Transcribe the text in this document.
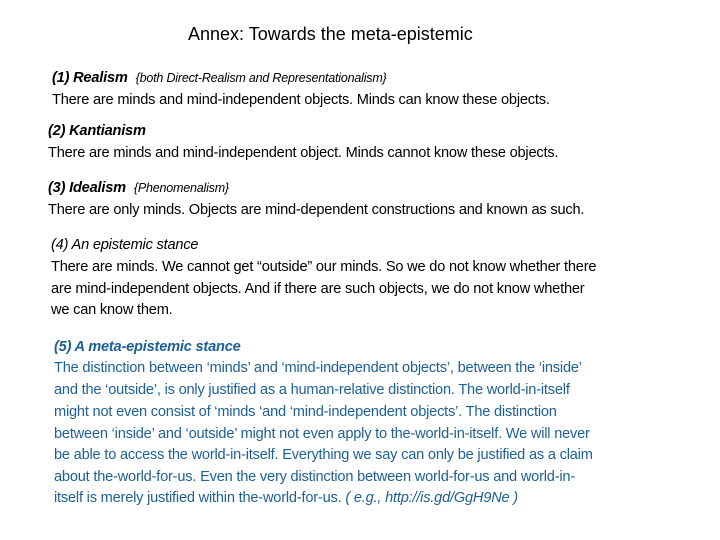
Annex: Towards the meta-epistemic
(1) Realism {both Direct-Realism and Representationalism}
There are minds and mind-independent objects. Minds can know these objects.
(2) Kantianism
There are minds and mind-independent object. Minds cannot know these objects.
(3) Idealism {Phenomenalism}
There are only minds. Objects are mind-dependent constructions and known as such.
(4) An epistemic stance
There are minds. We cannot get “outside” our minds. So we do not know whether there
are mind-independent objects. And if there are such objects, we do not know whether
we can know them.
(5) A meta-epistemic stance
The distinction between ‘minds’ and ‘mind-independent objects’, between the ‘inside’
and the ‘outside’, is only justified as a human-relative distinction. The world-in-itself
might not even consist of ‘minds ‘and ‘mind-independent objects’. The distinction
between ‘inside’ and ‘outside’ might not even apply to the-world-in-itself. We will never
be able to access the world-in-itself. Everything we say can only be justified as a claim
about the-world-for-us. Even the very distinction between world-for-us and world-in-
itself is merely justified within the-world-for-us. ( e.g., http://is.gd/GgH9Ne )
